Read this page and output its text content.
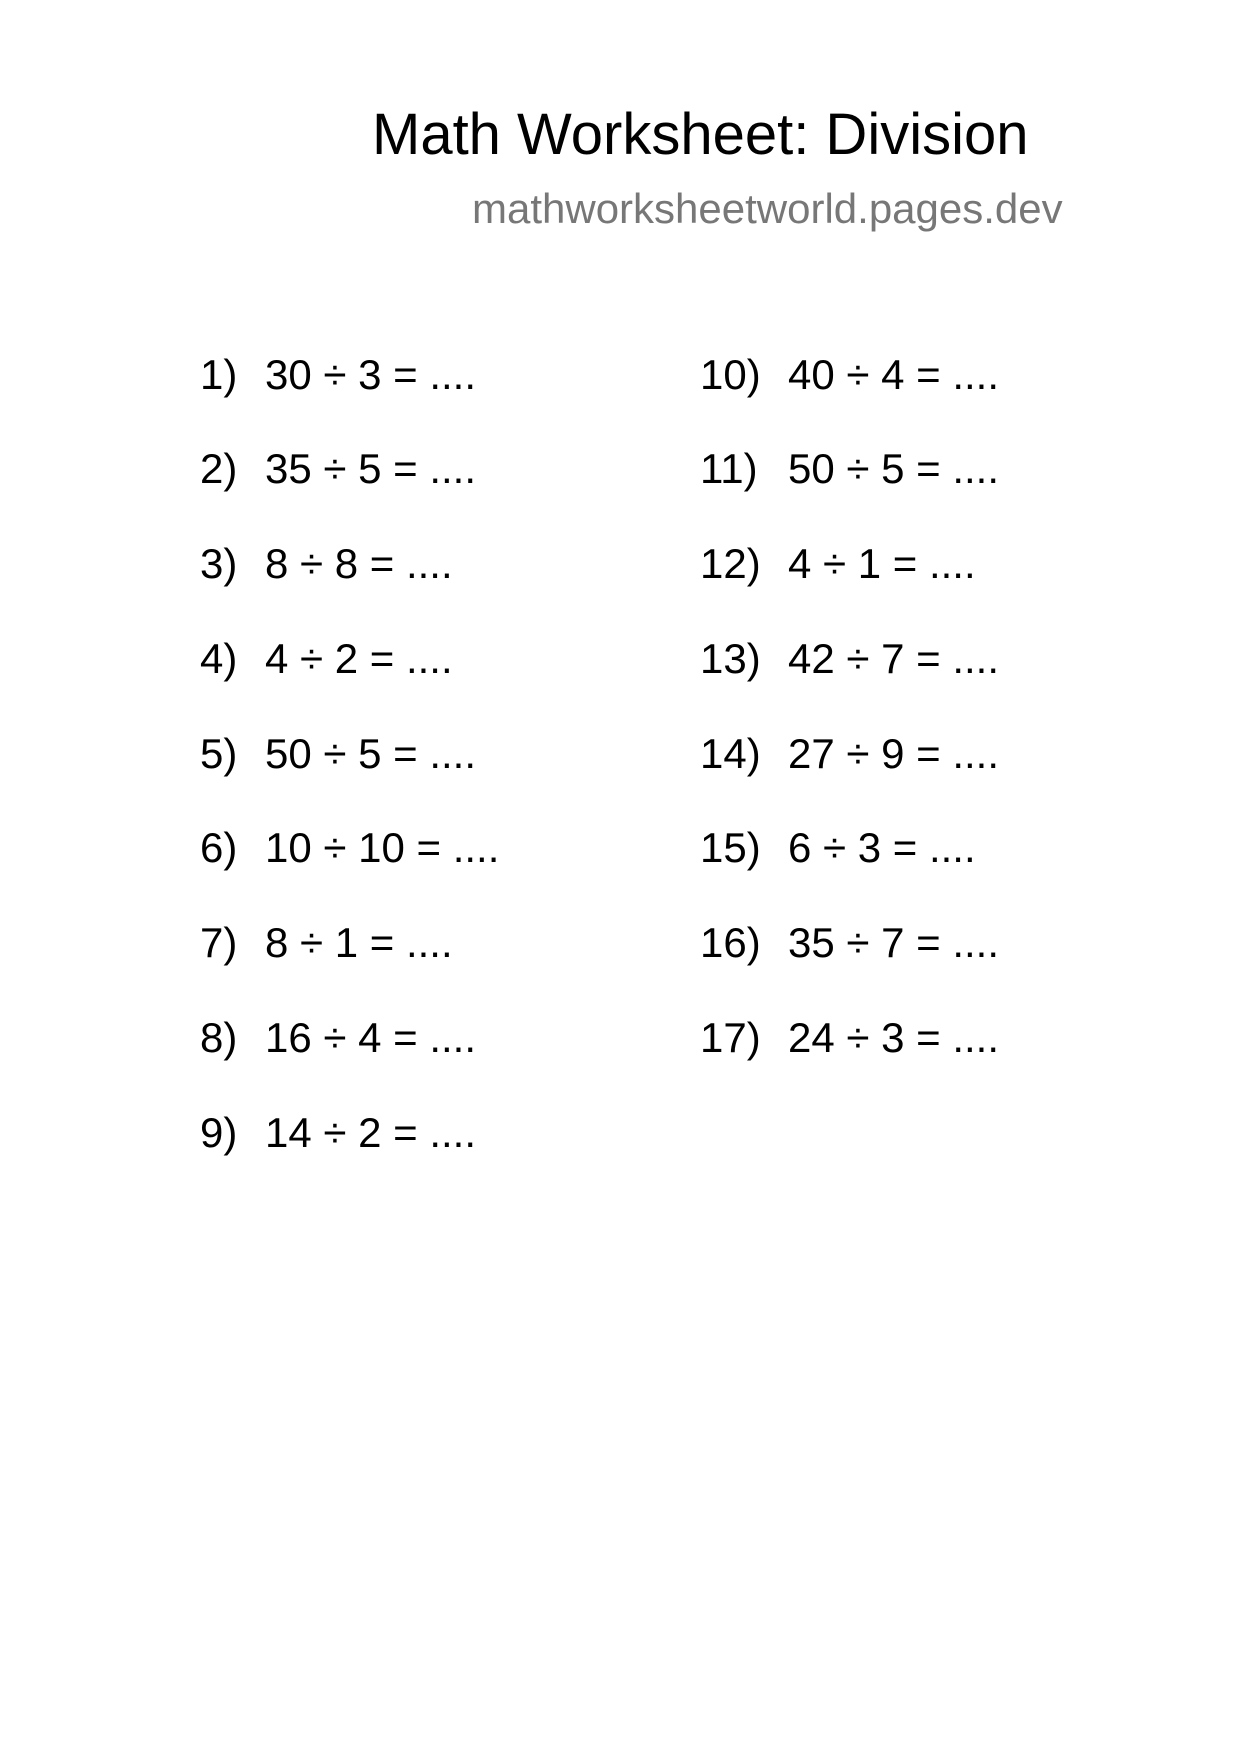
Math Worksheet: Division
mathworksheetworld.pages.dev
1) 30 ÷ 3 = ....
2) 35 ÷ 5 = ....
3) 8 ÷ 8 = ....
4) 4 ÷ 2 = ....
5) 50 ÷ 5 = ....
6) 10 ÷ 10 = ....
7) 8 ÷ 1 = ....
8) 16 ÷ 4 = ....
9) 14 ÷ 2 = ....
10) 40 ÷ 4 = ....
11) 50 ÷ 5 = ....
12) 4 ÷ 1 = ....
13) 42 ÷ 7 = ....
14) 27 ÷ 9 = ....
15) 6 ÷ 3 = ....
16) 35 ÷ 7 = ....
17) 24 ÷ 3 = ....
